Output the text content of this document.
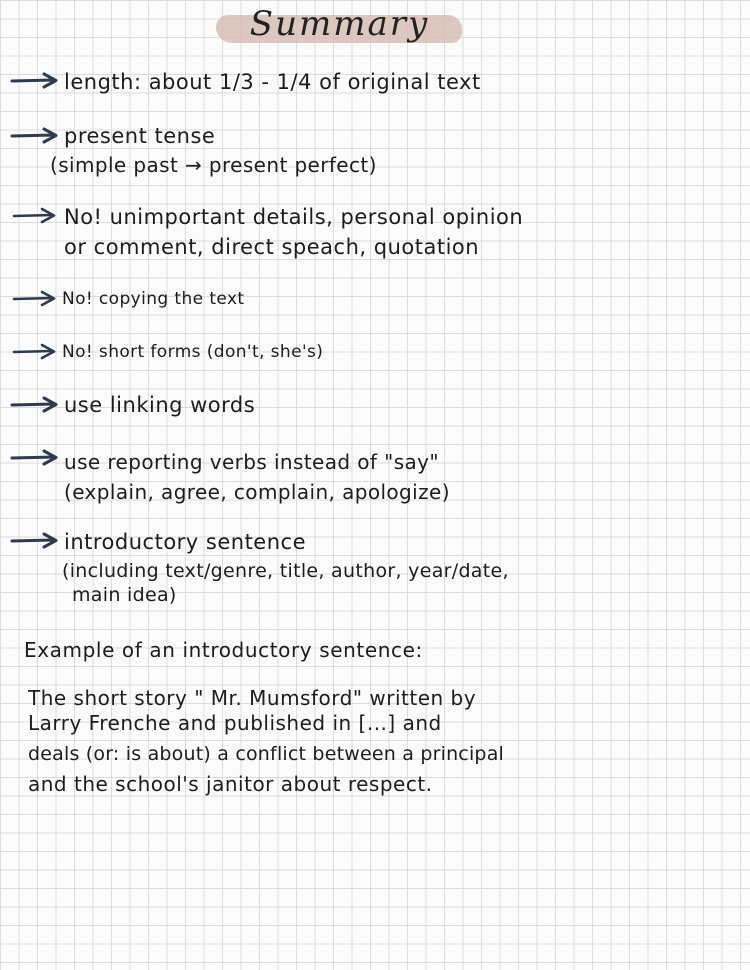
Summary
length: about 1/3 - 1/4 of original text
present tense
(simple past → present perfect)
No! unimportant details, personal opinion
or comment, direct speach, quotation
No! copying the text
No! short forms (don't, she's)
use linking words
use reporting verbs instead of "say"
(explain, agree, complain, apologize)
introductory sentence
(including text/genre, title, author, year/date,
main idea)
Example of an introductory sentence:
The short story " Mr. Mumsford" written by
Larry Frenche and published in [...] and
deals (or: is about) a conflict between a principal
and the school's janitor about respect.
